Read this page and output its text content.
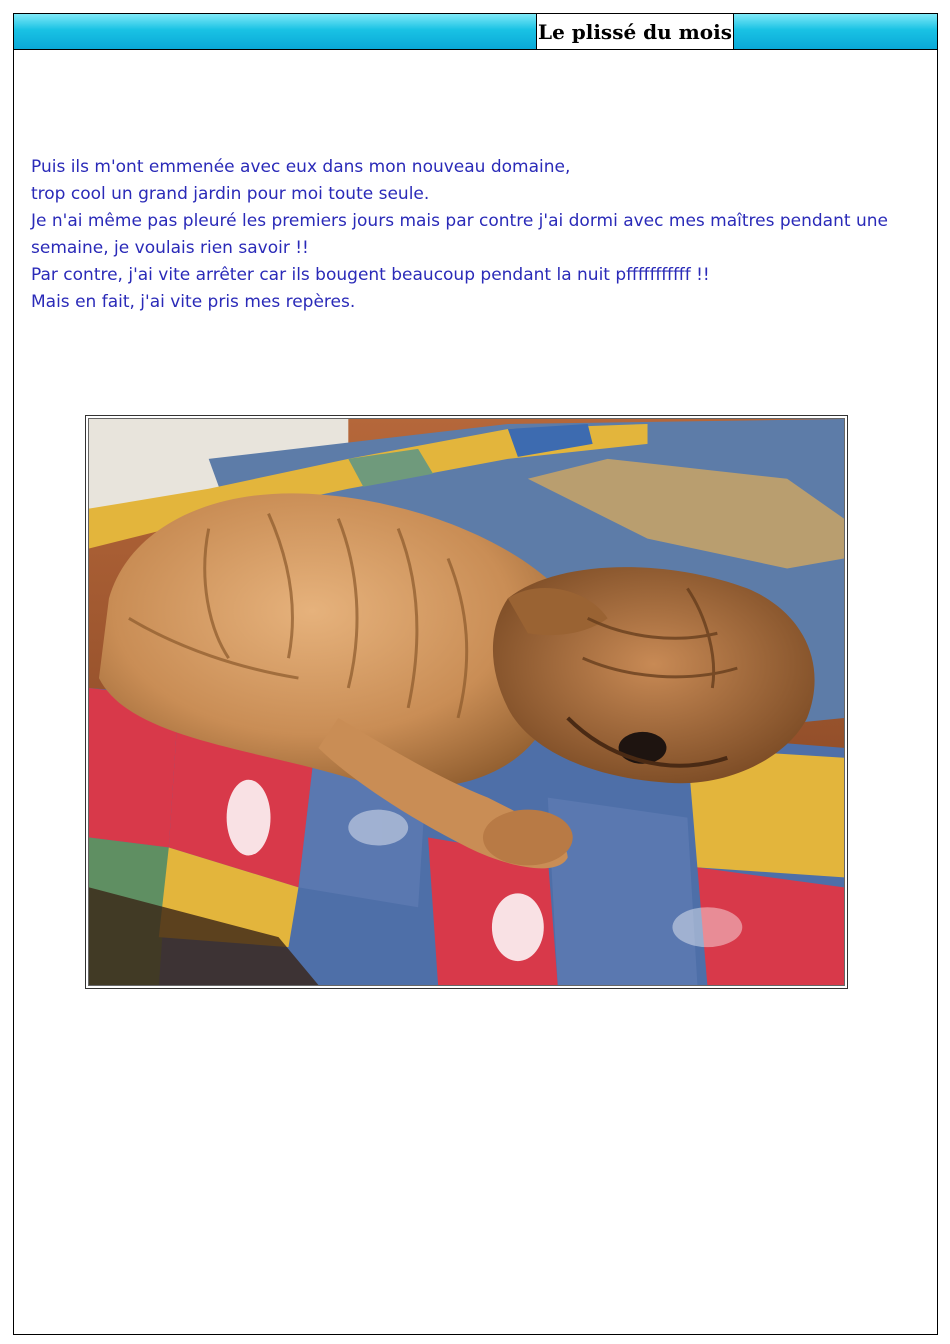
Le plissé du mois
Puis ils m'ont emmenée avec eux dans mon nouveau domaine,
trop cool un grand jardin pour moi toute seule.
Je n'ai même pas pleuré les premiers jours mais par contre j'ai dormi avec mes maîtres pendant une
semaine, je voulais rien savoir !!
Par contre, j'ai vite arrêter car ils bougent beaucoup pendant la nuit pfffffffffff !!
Mais en fait, j'ai vite pris mes repères.
